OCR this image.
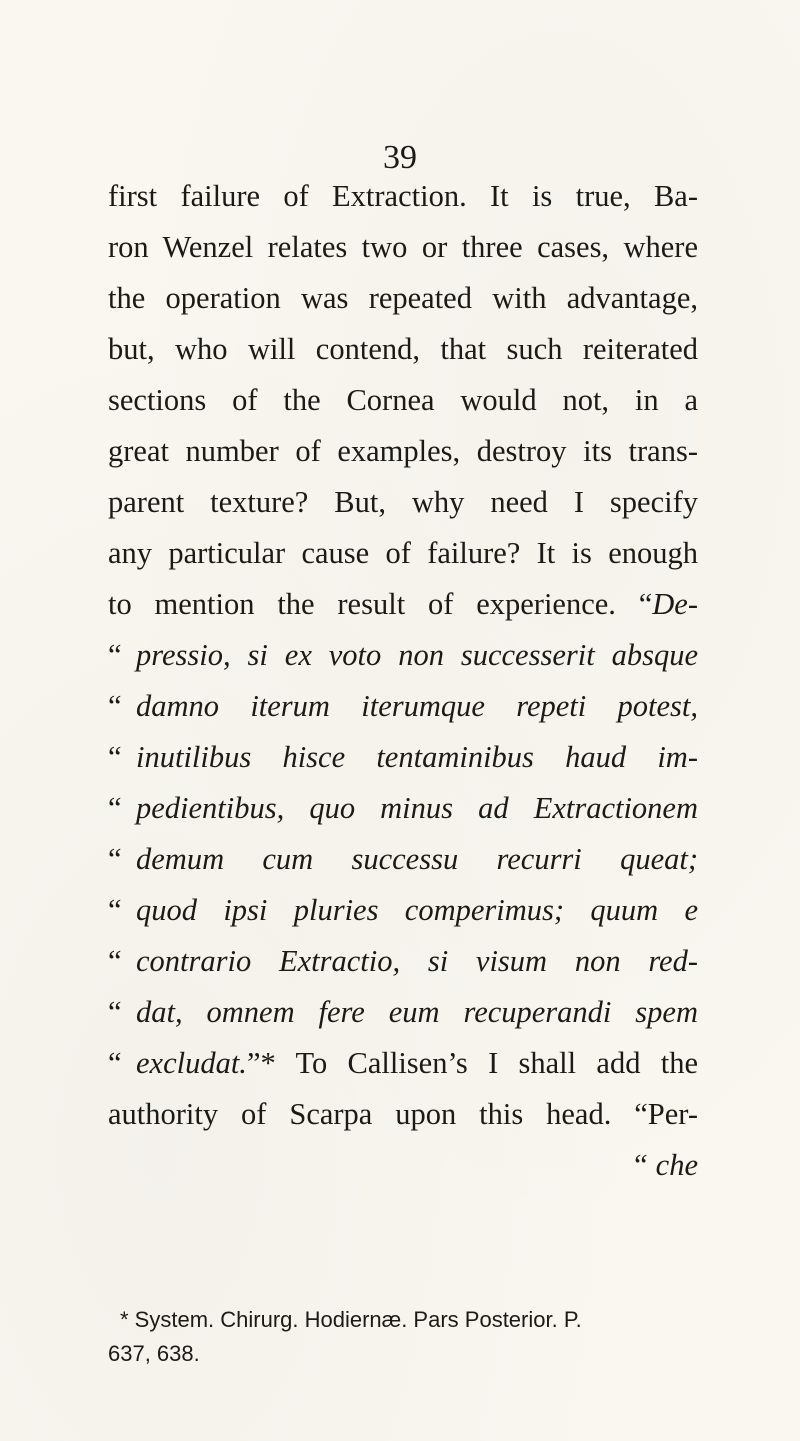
39
first failure of Extraction. It is true, Ba-
ron Wenzel relates two or three cases, where
the operation was repeated with advantage,
but, who will contend, that such reiterated
sections of the Cornea would not, in a
great number of examples, destroy its trans-
parent texture? But, why need I specify
any particular cause of failure? It is enough
to mention the result of experience. “De-
“ pressio, si ex voto non successerit absque
“ damno iterum iterumque repeti potest,
“ inutilibus hisce tentaminibus haud im-
“ pedientibus, quo minus ad Extractionem
“ demum cum successu recurri queat;
“ quod ipsi pluries comperimus; quum e
“ contrario Extractio, si visum non red-
“ dat, omnem fere eum recuperandi spem
“ excludat.”* To Callisen’s I shall add the
authority of Scarpa upon this head. “Per-
“ che
* System. Chirurg. Hodiernæ. Pars Posterior. P.
637, 638.
